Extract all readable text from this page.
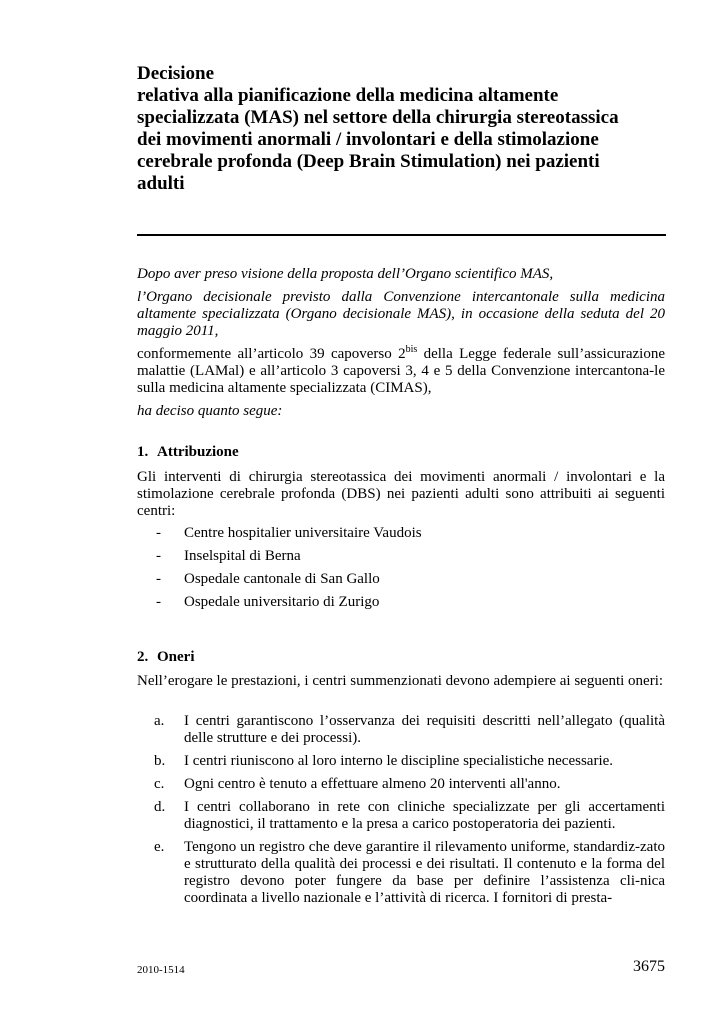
Decisione
relativa alla pianificazione della medicina altamente
specializzata (MAS) nel settore della chirurgia stereotassica
dei movimenti anormali / involontari e della stimolazione
cerebrale profonda (Deep Brain Stimulation) nei pazienti
adulti
Dopo aver preso visione della proposta dell’Organo scientifico MAS,
l’Organo decisionale previsto dalla Convenzione intercantonale sulla medicina altamente specializzata (Organo decisionale MAS), in occasione della seduta del 20 maggio 2011,
conformemente all’articolo 39 capoverso $2^{bis}$ della Legge federale sull’assicurazione malattie (LAMal) e all’articolo 3 capoversi 3, 4 e 5 della Convenzione intercantona-le sulla medicina altamente specializzata (CIMAS),
ha deciso quanto segue:
1. Attribuzione
Gli interventi di chirurgia stereotassica dei movimenti anormali / involontari e la stimolazione cerebrale profonda (DBS) nei pazienti adulti sono attribuiti ai seguenti centri:
- Centre hospitalier universitaire Vaudois
- Inselspital di Berna
- Ospedale cantonale di San Gallo
- Ospedale universitario di Zurigo
2. Oneri
Nell’erogare le prestazioni, i centri summenzionati devono adempiere ai seguenti oneri:
a. I centri garantiscono l’osservanza dei requisiti descritti nell’allegato (qualità delle strutture e dei processi).
b. I centri riuniscono al loro interno le discipline specialistiche necessarie.
c. Ogni centro è tenuto a effettuare almeno 20 interventi all'anno.
d. I centri collaborano in rete con cliniche specializzate per gli accertamenti diagnostici, il trattamento e la presa a carico postoperatoria dei pazienti.
e. Tengono un registro che deve garantire il rilevamento uniforme, standardiz-zato e strutturato della qualità dei processi e dei risultati. Il contenuto e la forma del registro devono poter fungere da base per definire l’assistenza cli-nica coordinata a livello nazionale e l’attività di ricerca. I fornitori di presta-
2010-1514	3675
